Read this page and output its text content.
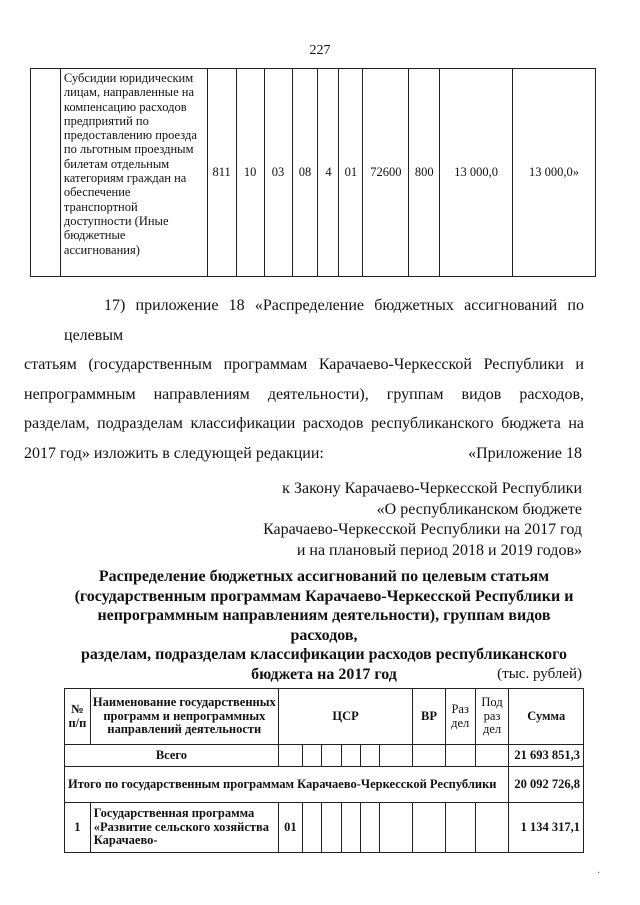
227
	Субсидии юридическим лицам, направленные на компенсацию расходов предприятий по предоставлению проезда по льготным проездным билетам отдельным категориям граждан на обеспечение транспортной доступности (Иные бюджетные ассигнования)	811	10	03	08	4	01	72600	800	13 000,0	13 000,0»
17) приложение 18 «Распределение бюджетных ассигнований по целевым
статьям (государственным программам Карачаево-Черкесской Республики и
непрограммным направлениям деятельности), группам видов расходов,
разделам, подразделам классификации расходов республиканского бюджета на
2017 год» изложить в следующей редакции:	«Приложение 18
к Закону Карачаево-Черкесской Республики
«О республиканском бюджете
Карачаево-Черкесской Республики на 2017 год
и на плановый период 2018 и 2019 годов»
Распределение бюджетных ассигнований по целевым статьям
(государственным программам Карачаево-Черкесской Республики и
непрограммным направлениям деятельности), группам видов расходов,
разделам, подразделам классификации расходов республиканского
бюджета на 2017 год	(тыс. рублей)
№ п/п	Наименование государственных программ и непрограммных направлений деятельности	ЦСР						ВР	Раз дел	Под раз дел	Сумма
Всего											21 693 851,3
Итого по государственным программам Карачаево-Черкесской Республики											20 092 726,8
1	Государственная программа «Развитие сельского хозяйства Карачаево-	01									1 134 317,1
·
